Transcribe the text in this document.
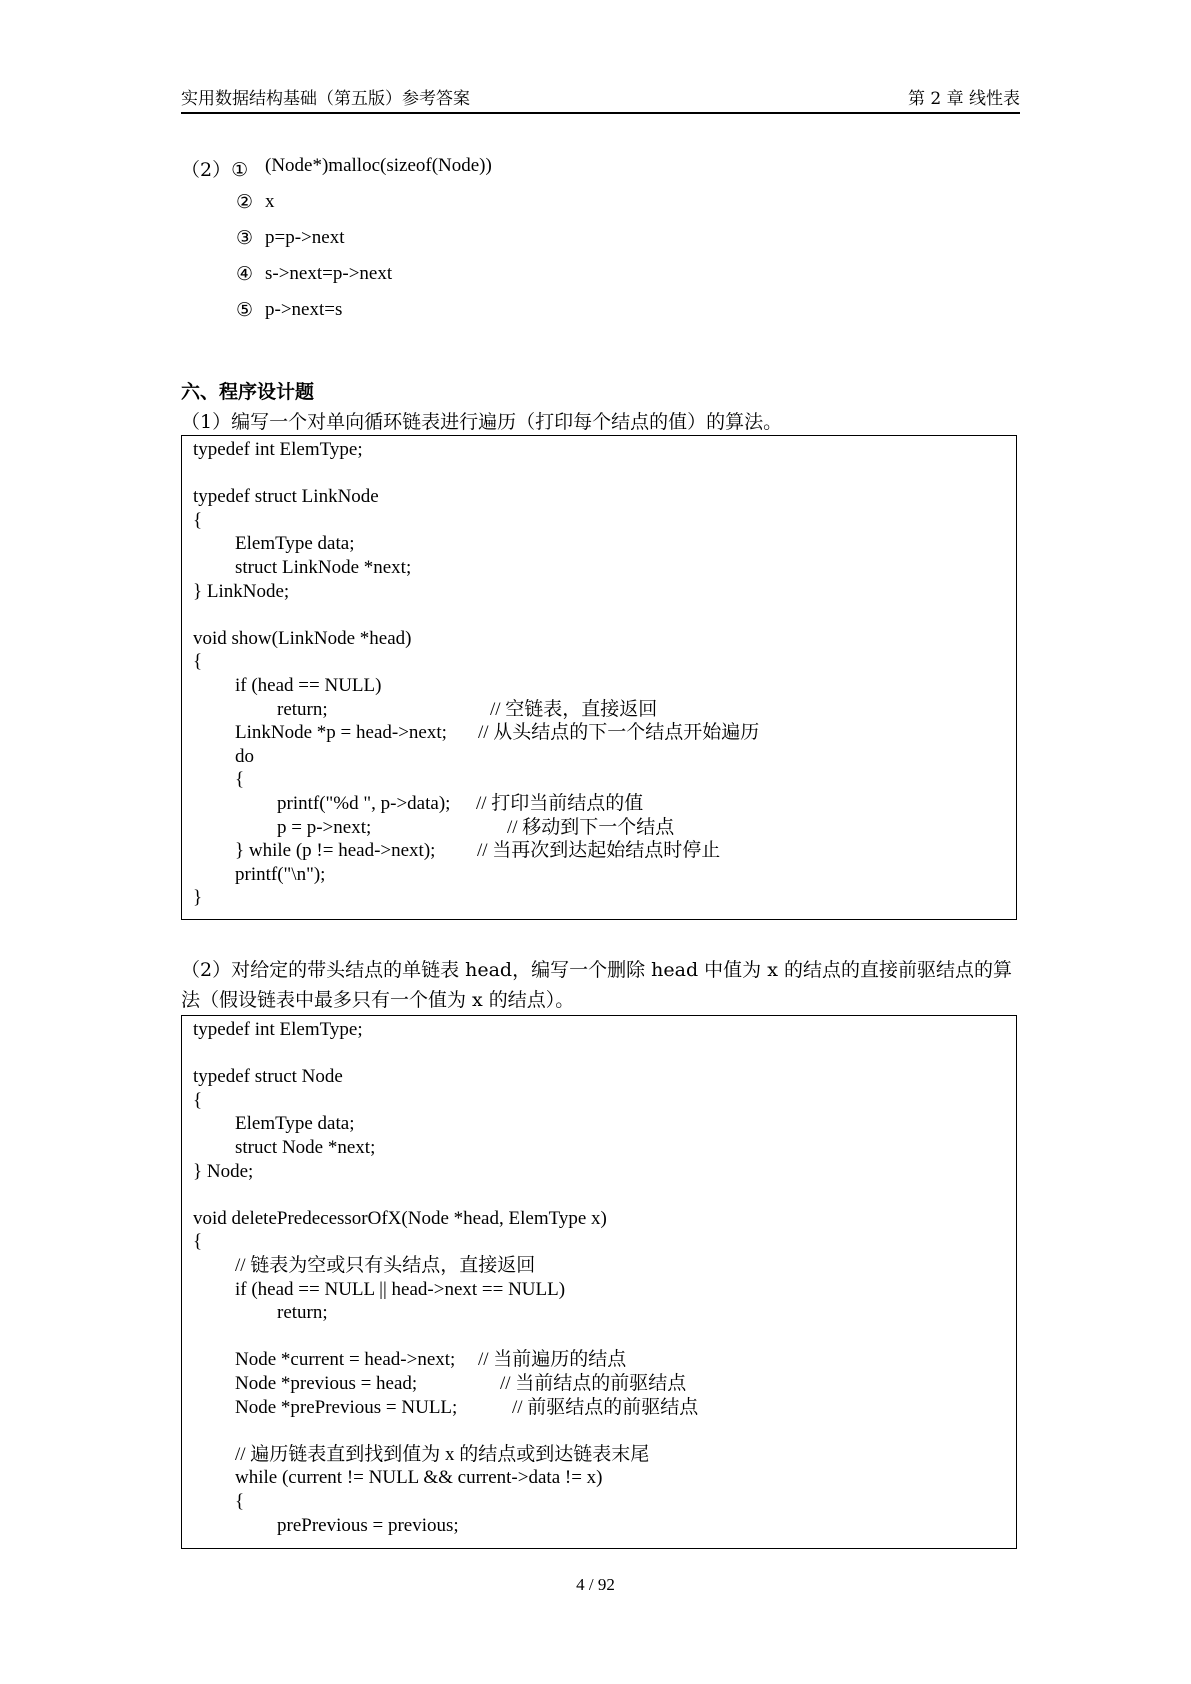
实用数据结构基础（第五版）参考答案	第 2 章 线性表
（2）① (Node*)malloc(sizeof(Node))
② x
③ p=p->next
④ s->next=p->next
⑤ p->next=s
六、程序设计题
（1）编写一个对单向循环链表进行遍历（打印每个结点的值）的算法。
typedef int ElemType;
typedef struct LinkNode
{
ElemType data;
struct LinkNode *next;
} LinkNode;
void show(LinkNode *head)
{
if (head == NULL)
return;	// 空链表，直接返回
LinkNode *p = head->next; // 从头结点的下一个结点开始遍历
do
{
printf("%d ", p->data); // 打印当前结点的值
p = p->next;	// 移动到下一个结点
} while (p != head->next); // 当再次到达起始结点时停止
printf("\n");
}
（2）对给定的带头结点的单链表 head，编写一个删除 head 中值为 x 的结点的直接前驱结点的算法（假设链表中最多只有一个值为 x 的结点）。
typedef int ElemType;
typedef struct Node
{
ElemType data;
struct Node *next;
} Node;
void deletePredecessorOfX(Node *head, ElemType x)
{
// 链表为空或只有头结点，直接返回
if (head == NULL || head->next == NULL)
return;
Node *current = head->next; // 当前遍历的结点
Node *previous = head;	// 当前结点的前驱结点
Node *prePrevious = NULL;	// 前驱结点的前驱结点
// 遍历链表直到找到值为 x 的结点或到达链表末尾
while (current != NULL && current->data != x)
{
prePrevious = previous;
4 / 92
